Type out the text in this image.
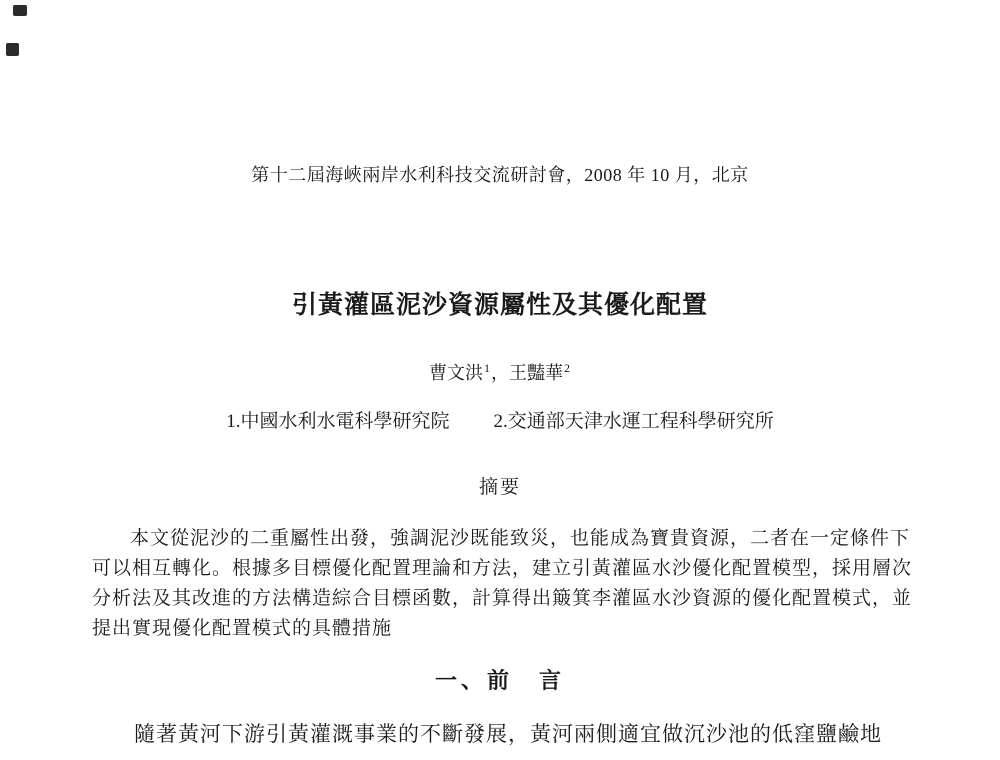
第十二屆海峽兩岸水利科技交流研討會，2008 年 10 月，北京
引黃灌區泥沙資源屬性及其優化配置
曹文洪$^1$，王豔華$^2$
1.中國水利水電科學研究院 2.交通部天津水運工程科學研究所
摘要
本文從泥沙的二重屬性出發，強調泥沙既能致災，也能成為寶貴資源，二者在一定條件下
可以相互轉化。根據多目標優化配置理論和方法，建立引黃灌區水沙優化配置模型，採用層次
分析法及其改進的方法構造綜合目標函數，計算得出簸箕李灌區水沙資源的優化配置模式，並
提出實現優化配置模式的具體措施
一、前　言

隨著黃河下游引黃灌溉事業的不斷發展，黃河兩側適宜做沉沙池的低窪鹽鹼地
